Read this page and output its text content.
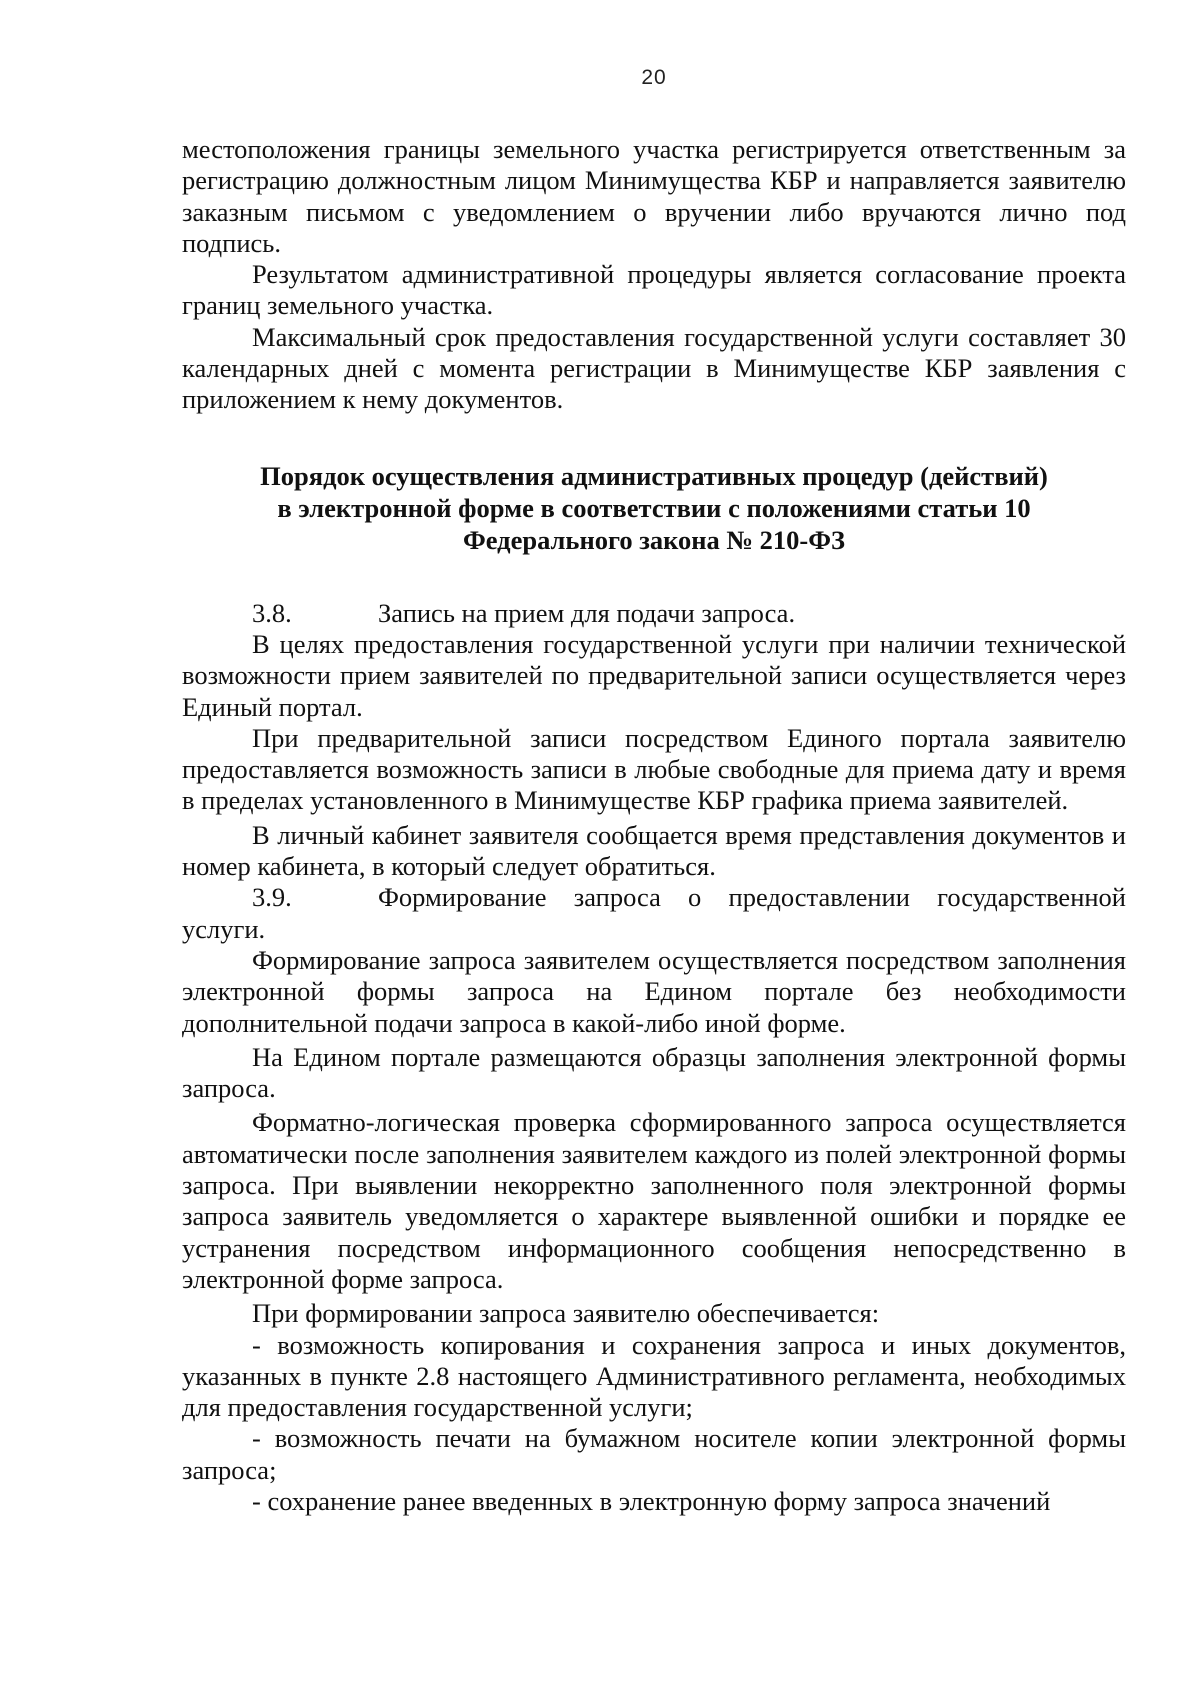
20

местоположения границы земельного участка регистрируется ответственным за регистрацию должностным лицом Минимущества КБР и направляется заявителю заказным письмом с уведомлением о вручении либо вручаются лично под подпись.

Результатом административной процедуры является согласование проекта границ земельного участка.

Максимальный срок предоставления государственной услуги составляет 30 календарных дней с момента регистрации в Минимуществе КБР заявления с приложением к нему документов.

Порядок осуществления административных процедур (действий)
в электронной форме в соответствии с положениями статьи 10
Федерального закона № 210-ФЗ

3.8.	Запись на прием для подачи запроса.

В целях предоставления государственной услуги при наличии технической возможности прием заявителей по предварительной записи осуществляется через Единый портал.

При предварительной записи посредством Единого портала заявителю предоставляется возможность записи в любые свободные для приема дату и время в пределах установленного в Минимуществе КБР графика приема заявителей.

В личный кабинет заявителя сообщается время представления документов и номер кабинета, в который следует обратиться.

3.9.	Формирование запроса о предоставлении государственной услуги.

Формирование запроса заявителем осуществляется посредством заполнения электронной формы запроса на Едином портале без необходимости дополнительной подачи запроса в какой-либо иной форме.

На Едином портале размещаются образцы заполнения электронной формы запроса.

Форматно-логическая проверка сформированного запроса осуществляется автоматически после заполнения заявителем каждого из полей электронной формы запроса. При выявлении некорректно заполненного поля электронной формы запроса заявитель уведомляется о характере выявленной ошибки и порядке ее устранения посредством информационного сообщения непосредственно в электронной форме запроса.

При формировании запроса заявителю обеспечивается:

- возможность копирования и сохранения запроса и иных документов, указанных в пункте 2.8 настоящего Административного регламента, необходимых для предоставления государственной услуги;

- возможность печати на бумажном носителе копии электронной формы запроса;

- сохранение ранее введенных в электронную форму запроса значений
